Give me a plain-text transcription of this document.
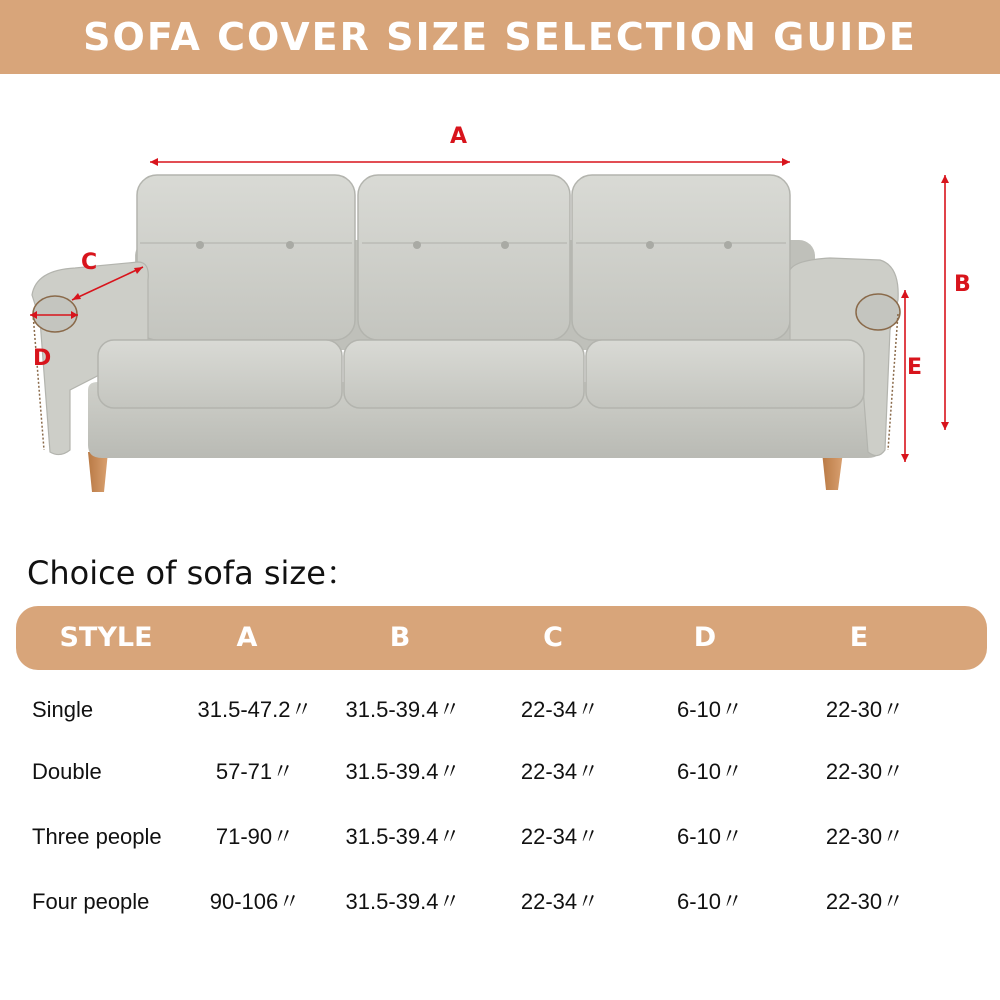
SOFA COVER SIZE SELECTION GUIDE
A
B
C
D	E
Choice of sofa size：
STYLE	A	B	C	D	E
Single	31.5-47.2〃	31.5-39.4〃	22-34〃	6-10〃	22-30〃
Double	57-71〃	31.5-39.4〃	22-34〃	6-10〃	22-30〃
Three people	71-90〃	31.5-39.4〃	22-34〃	6-10〃	22-30〃
Four people	90-106〃	31.5-39.4〃	22-34〃	6-10〃	22-30〃
